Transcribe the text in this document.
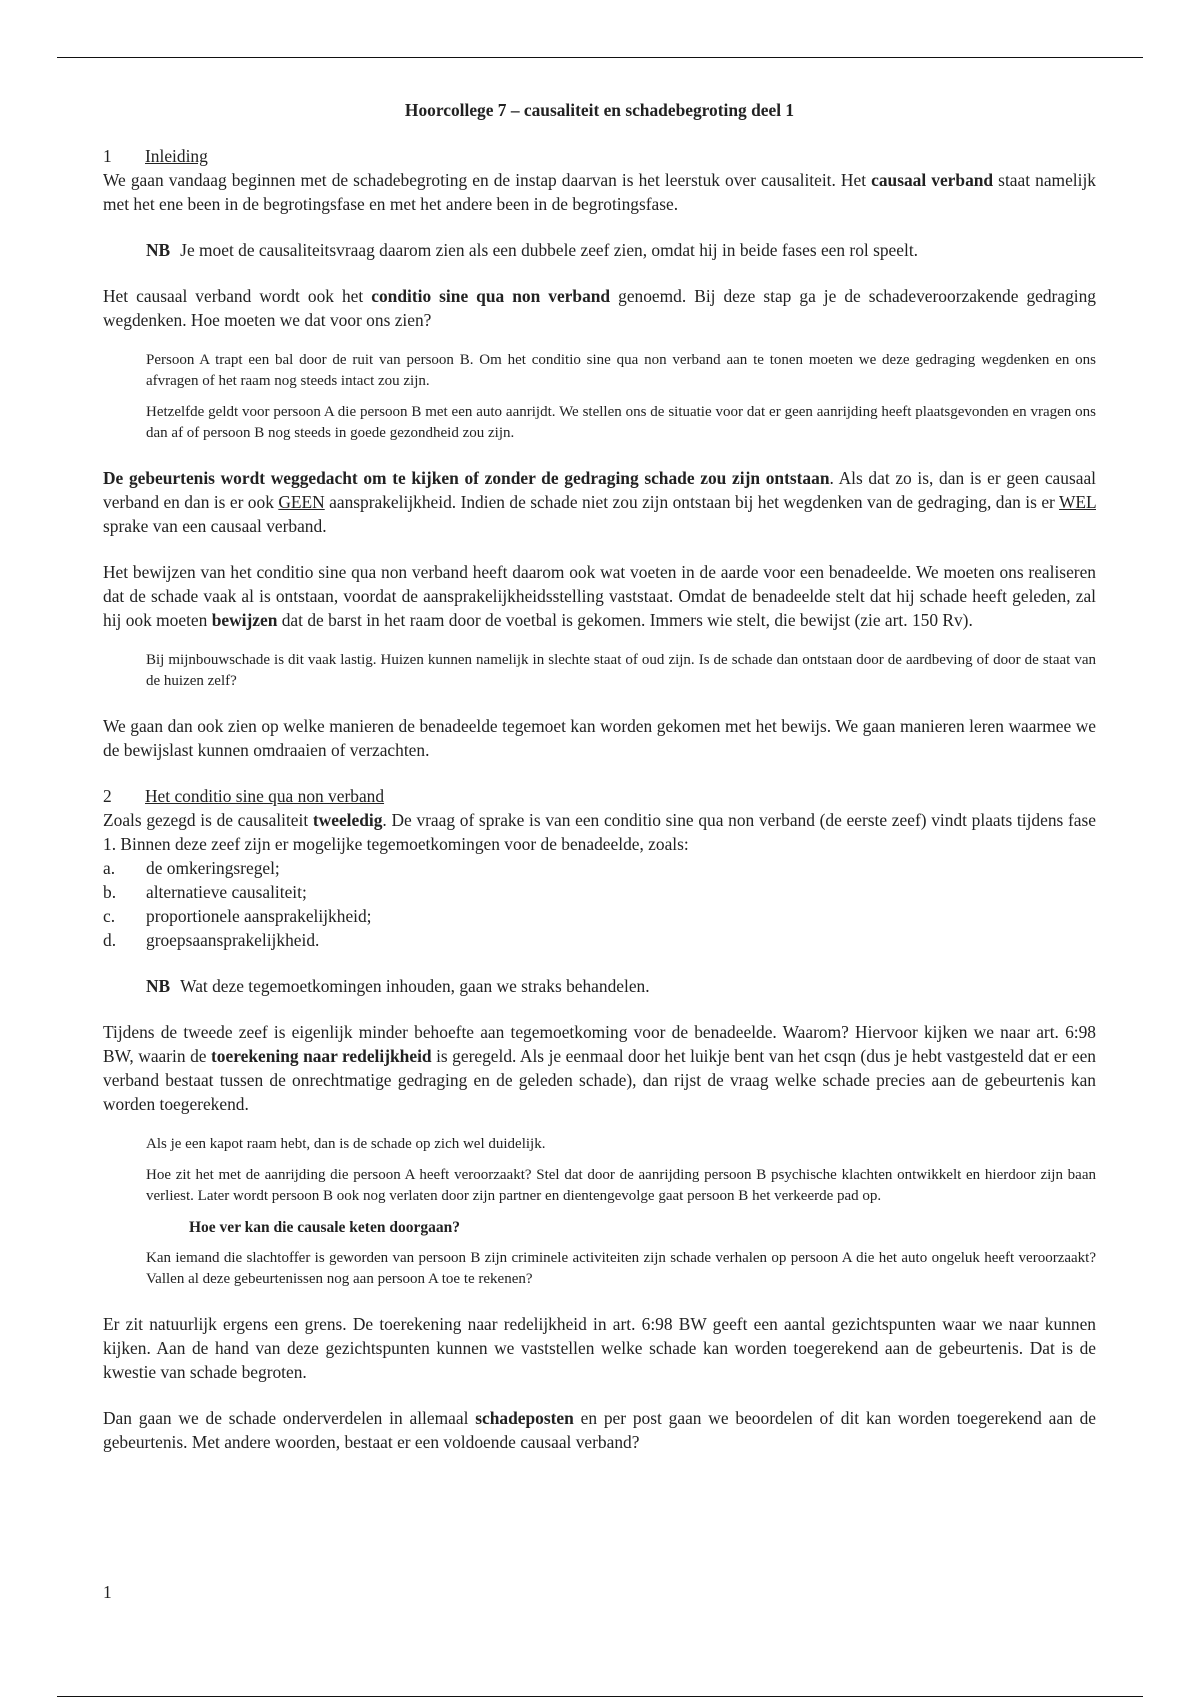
Hoorcollege 7 – causaliteit en schadebegroting deel 1
1 Inleiding

We gaan vandaag beginnen met de schadebegroting en de instap daarvan is het leerstuk over causaliteit. Het causaal verband staat namelijk met het ene been in de begrotingsfase en met het andere been in de begrotingsfase.

NB Je moet de causaliteitsvraag daarom zien als een dubbele zeef zien, omdat hij in beide fases een rol speelt.

Het causaal verband wordt ook het conditio sine qua non verband genoemd. Bij deze stap ga je de schadeveroorzakende gedraging wegdenken. Hoe moeten we dat voor ons zien?

Persoon A trapt een bal door de ruit van persoon B. Om het conditio sine qua non verband aan te tonen moeten we deze gedraging wegdenken en ons afvragen of het raam nog steeds intact zou zijn.

Hetzelfde geldt voor persoon A die persoon B met een auto aanrijdt. We stellen ons de situatie voor dat er geen aanrijding heeft plaatsgevonden en vragen ons dan af of persoon B nog steeds in goede gezondheid zou zijn.

De gebeurtenis wordt weggedacht om te kijken of zonder de gedraging schade zou zijn ontstaan. Als dat zo is, dan is er geen causaal verband en dan is er ook GEEN aansprakelijkheid. Indien de schade niet zou zijn ontstaan bij het wegdenken van de gedraging, dan is er WEL sprake van een causaal verband.

Het bewijzen van het conditio sine qua non verband heeft daarom ook wat voeten in de aarde voor een benadeelde. We moeten ons realiseren dat de schade vaak al is ontstaan, voordat de aansprakelijkheidsstelling vaststaat. Omdat de benadeelde stelt dat hij schade heeft geleden, zal hij ook moeten bewijzen dat de barst in het raam door de voetbal is gekomen. Immers wie stelt, die bewijst (zie art. 150 Rv).

Bij mijnbouwschade is dit vaak lastig. Huizen kunnen namelijk in slechte staat of oud zijn. Is de schade dan ontstaan door de aardbeving of door de staat van de huizen zelf?

We gaan dan ook zien op welke manieren de benadeelde tegemoet kan worden gekomen met het bewijs. We gaan manieren leren waarmee we de bewijslast kunnen omdraaien of verzachten.

2 Het conditio sine qua non verband

Zoals gezegd is de causaliteit tweeledig. De vraag of sprake is van een conditio sine qua non verband (de eerste zeef) vindt plaats tijdens fase 1. Binnen deze zeef zijn er mogelijke tegemoetkomingen voor de benadeelde, zoals:

a.	de omkeringsregel;
b.	alternatieve causaliteit;
c.	proportionele aansprakelijkheid;
d.	groepsaansprakelijkheid.

NB Wat deze tegemoetkomingen inhouden, gaan we straks behandelen.

Tijdens de tweede zeef is eigenlijk minder behoefte aan tegemoetkoming voor de benadeelde. Waarom? Hiervoor kijken we naar art. 6:98 BW, waarin de toerekening naar redelijkheid is geregeld. Als je eenmaal door het luikje bent van het csqn (dus je hebt vastgesteld dat er een verband bestaat tussen de onrechtmatige gedraging en de geleden schade), dan rijst de vraag welke schade precies aan de gebeurtenis kan worden toegerekend.

Als je een kapot raam hebt, dan is de schade op zich wel duidelijk.

Hoe zit het met de aanrijding die persoon A heeft veroorzaakt? Stel dat door de aanrijding persoon B psychische klachten ontwikkelt en hierdoor zijn baan verliest. Later wordt persoon B ook nog verlaten door zijn partner en dientengevolge gaat persoon B het verkeerde pad op.

Hoe ver kan die causale keten doorgaan?

Kan iemand die slachtoffer is geworden van persoon B zijn criminele activiteiten zijn schade verhalen op persoon A die het auto ongeluk heeft veroorzaakt? Vallen al deze gebeurtenissen nog aan persoon A toe te rekenen?

Er zit natuurlijk ergens een grens. De toerekening naar redelijkheid in art. 6:98 BW geeft een aantal gezichtspunten waar we naar kunnen kijken. Aan de hand van deze gezichtspunten kunnen we vaststellen welke schade kan worden toegerekend aan de gebeurtenis. Dat is de kwestie van schade begroten.

Dan gaan we de schade onderverdelen in allemaal schadeposten en per post gaan we beoordelen of dit kan worden toegerekend aan de gebeurtenis. Met andere woorden, bestaat er een voldoende causaal verband?

1
